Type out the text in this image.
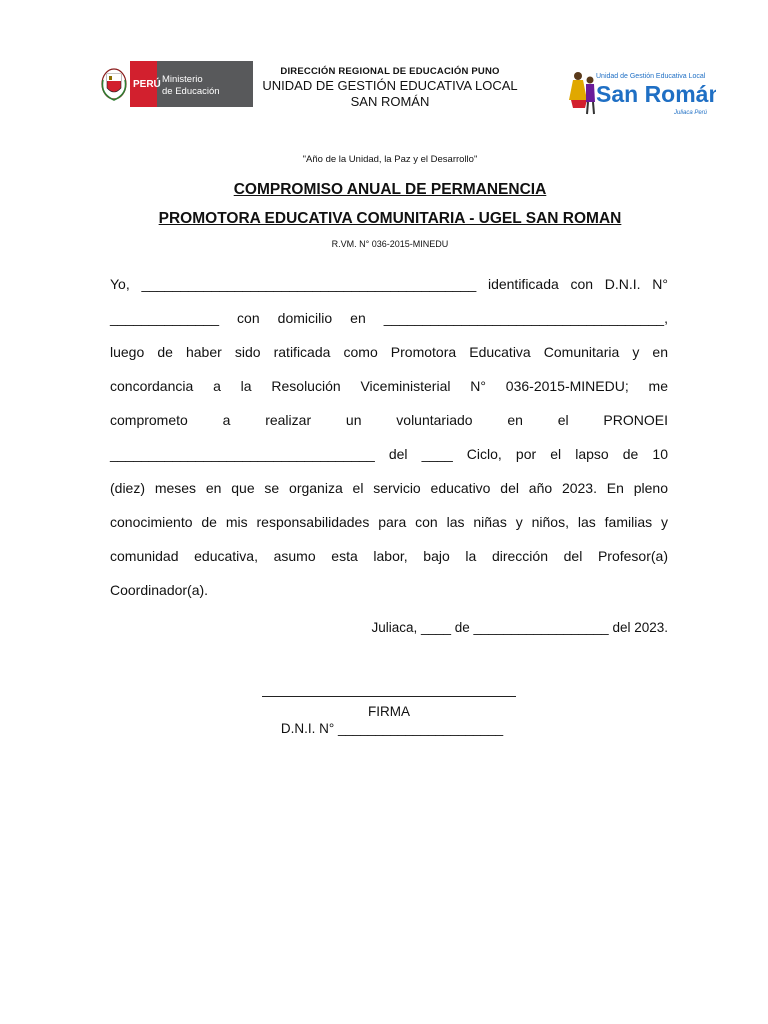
PERÚ Ministerio
de Educación
DIRECCIÓN REGIONAL DE EDUCACIÓN PUNO
UNIDAD DE GESTIÓN EDUCATIVA LOCAL
SAN ROMÁN
Unidad de Gestión Educativa Local
San Román
Juliaca Perú
"Año de la Unidad, la Paz y el Desarrollo"
COMPROMISO ANUAL DE PERMANENCIA
PROMOTORA EDUCATIVA COMUNITARIA - UGEL SAN ROMAN
R.VM. N° 036-2015-MINEDU
Yo, ___________________________________________ identificada con D.N.I. N°
______________ con domicilio en ____________________________________,
luego de haber sido ratificada como Promotora Educativa Comunitaria y en
concordancia a la Resolución Viceministerial N° 036-2015-MINEDU; me
comprometo a realizar un voluntariado en el PRONOEI
__________________________________ del ____ Ciclo, por el lapso de 10
(diez) meses en que se organiza el servicio educativo del año 2023. En pleno
conocimiento de mis responsabilidades para con las niñas y niños, las familias y
comunidad educativa, asumo esta labor, bajo la dirección del Profesor(a)
Coordinador(a).
Juliaca, ____ de __________________ del 2023.
FIRMA
D.N.I. N° ______________________
